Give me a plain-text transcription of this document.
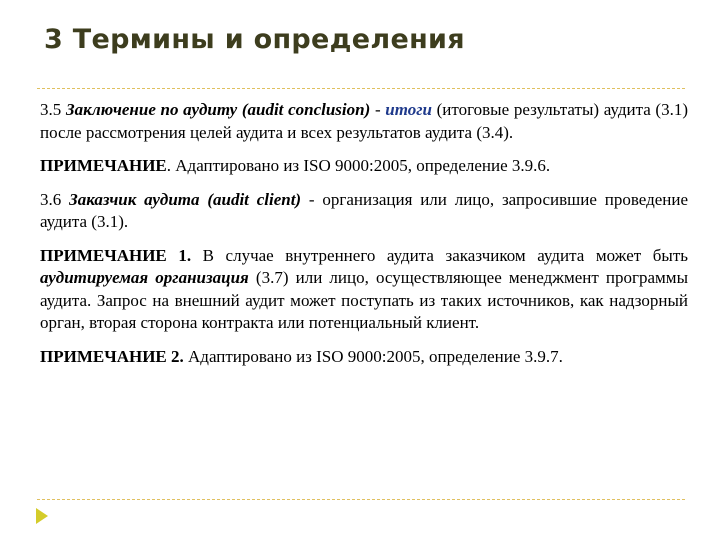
3 Термины и определения

3.5 Заключение по аудиту (audit conclusion) - итоги (итоговые результаты) аудита (3.1) после рассмотрения целей аудита и всех результатов аудита (3.4).

ПРИМЕЧАНИЕ. Адаптировано из ISO 9000:2005, определение 3.9.6.

3.6 Заказчик аудита (audit client) - организация или лицо, запросившие проведение аудита (3.1).

ПРИМЕЧАНИЕ 1. В случае внутреннего аудита заказчиком аудита может быть аудитируемая организация (3.7) или лицо, осуществляющее менеджмент программы аудита. Запрос на внешний аудит может поступать из таких источников, как надзорный орган, вторая сторона контракта или потенциальный клиент.

ПРИМЕЧАНИЕ 2. Адаптировано из ISO 9000:2005, определение 3.9.7.
